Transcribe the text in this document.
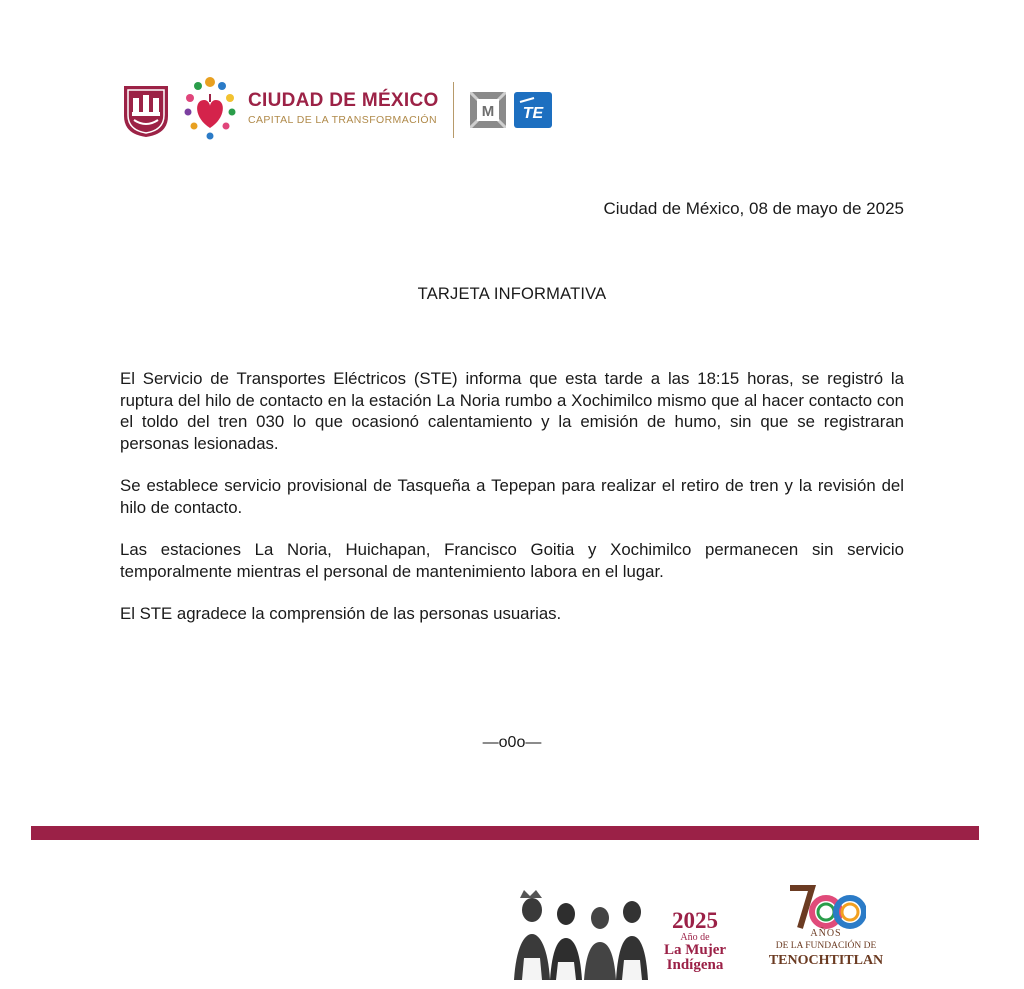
CIUDAD DE MÉXICO
CAPITAL DE LA TRANSFORMACIÓN	M TE
Ciudad de México, 08 de mayo de 2025
TARJETA INFORMATIVA

El Servicio de Transportes Eléctricos (STE) informa que esta tarde a las 18:15 horas, se registró la ruptura del hilo de contacto en la estación La Noria rumbo a Xochimilco mismo que al hacer contacto con el toldo del tren 030 lo que ocasionó calentamiento y la emisión de humo, sin que se registraran personas lesionadas.

Se establece servicio provisional de Tasqueña a Tepepan para realizar el retiro de tren y la revisión del hilo de contacto.

Las estaciones La Noria, Huichapan, Francisco Goitia y Xochimilco permanecen sin servicio temporalmente mientras el personal de mantenimiento labora en el lugar.

El STE agradece la comprensión de las personas usuarias.

—o0o—
2025
Año de
La Mujer
Indígena
AÑOS
DE LA FUNDACIÓN DE
TENOCHTITLAN
